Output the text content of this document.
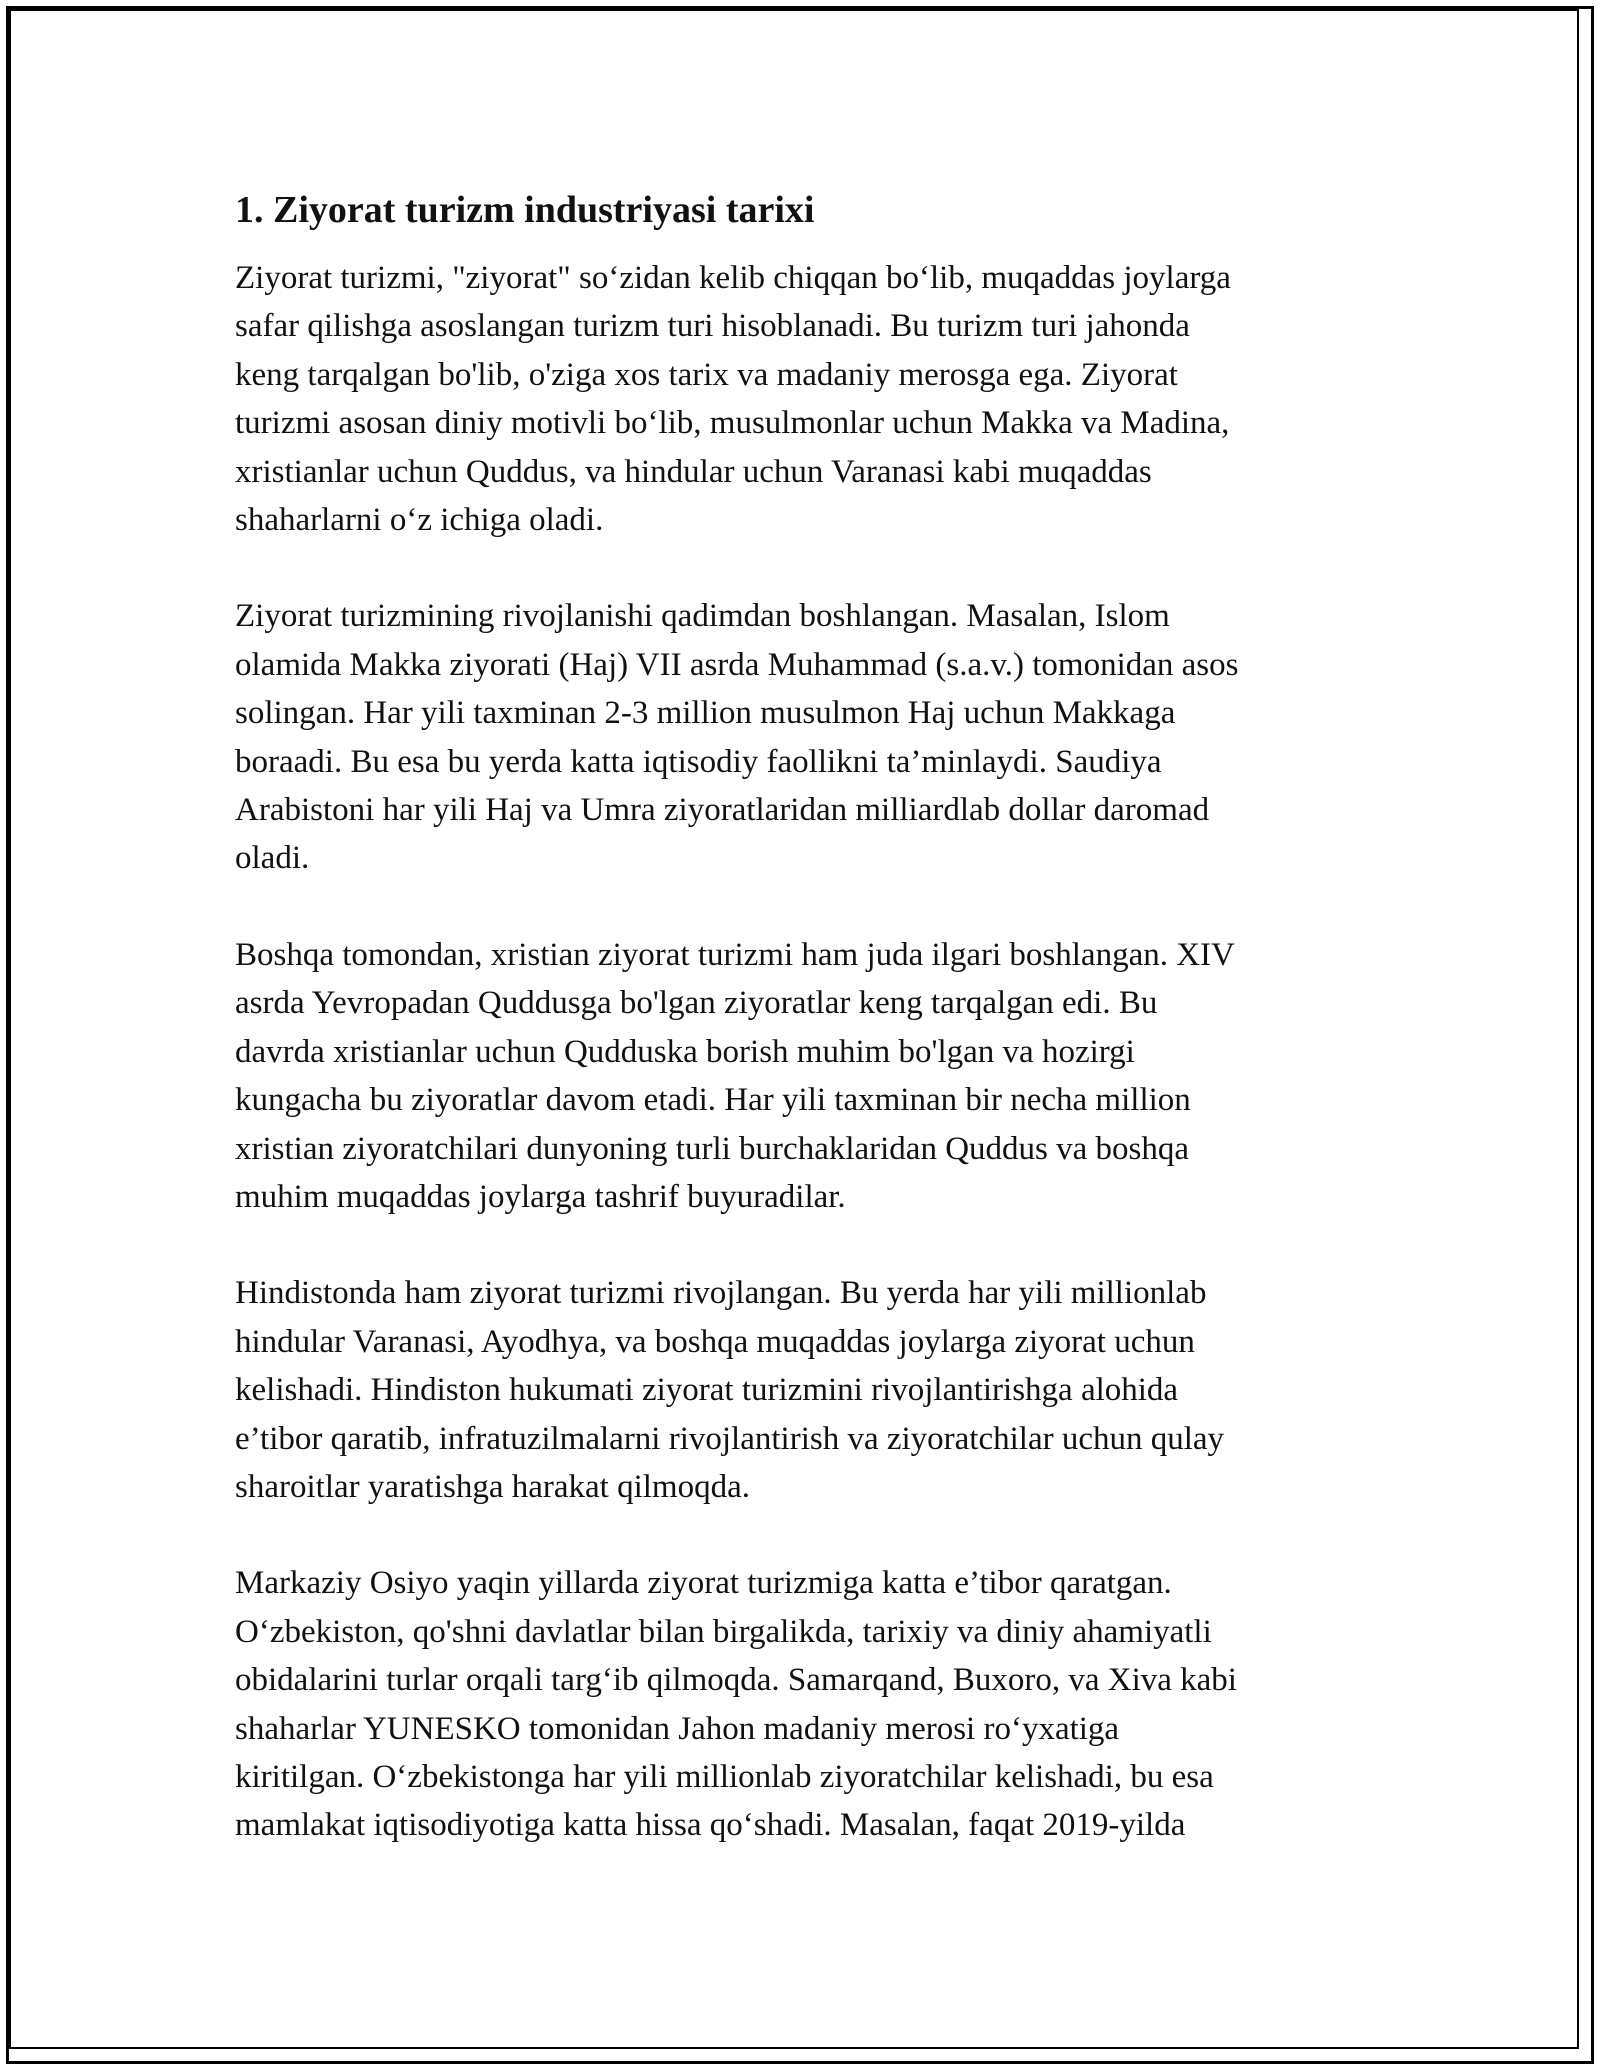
1. Ziyorat turizm industriyasi tarixi

Ziyorat turizmi, "ziyorat" so‘zidan kelib chiqqan bo‘lib, muqaddas joylarga
safar qilishga asoslangan turizm turi hisoblanadi. Bu turizm turi jahonda
keng tarqalgan bo'lib, o'ziga xos tarix va madaniy merosga ega. Ziyorat
turizmi asosan diniy motivli bo‘lib, musulmonlar uchun Makka va Madina,
xristianlar uchun Quddus, va hindular uchun Varanasi kabi muqaddas
shaharlarni o‘z ichiga oladi.

Ziyorat turizmining rivojlanishi qadimdan boshlangan. Masalan, Islom
olamida Makka ziyorati (Haj) VII asrda Muhammad (s.a.v.) tomonidan asos
solingan. Har yili taxminan 2-3 million musulmon Haj uchun Makkaga
boraadi. Bu esa bu yerda katta iqtisodiy faollikni ta’minlaydi. Saudiya
Arabistoni har yili Haj va Umra ziyoratlaridan milliardlab dollar daromad
oladi.

Boshqa tomondan, xristian ziyorat turizmi ham juda ilgari boshlangan. XIV
asrda Yevropadan Quddusga bo'lgan ziyoratlar keng tarqalgan edi. Bu
davrda xristianlar uchun Qudduska borish muhim bo'lgan va hozirgi
kungacha bu ziyoratlar davom etadi. Har yili taxminan bir necha million
xristian ziyoratchilari dunyoning turli burchaklaridan Quddus va boshqa
muhim muqaddas joylarga tashrif buyuradilar.

Hindistonda ham ziyorat turizmi rivojlangan. Bu yerda har yili millionlab
hindular Varanasi, Ayodhya, va boshqa muqaddas joylarga ziyorat uchun
kelishadi. Hindiston hukumati ziyorat turizmini rivojlantirishga alohida
e’tibor qaratib, infratuzilmalarni rivojlantirish va ziyoratchilar uchun qulay
sharoitlar yaratishga harakat qilmoqda.

Markaziy Osiyo yaqin yillarda ziyorat turizmiga katta e’tibor qaratgan.
O‘zbekiston, qo'shni davlatlar bilan birgalikda, tarixiy va diniy ahamiyatli
obidalarini turlar orqali targ‘ib qilmoqda. Samarqand, Buxoro, va Xiva kabi
shaharlar YUNESKO tomonidan Jahon madaniy merosi ro‘yxatiga
kiritilgan. O‘zbekistonga har yili millionlab ziyoratchilar kelishadi, bu esa
mamlakat iqtisodiyotiga katta hissa qo‘shadi. Masalan, faqat 2019-yilda
